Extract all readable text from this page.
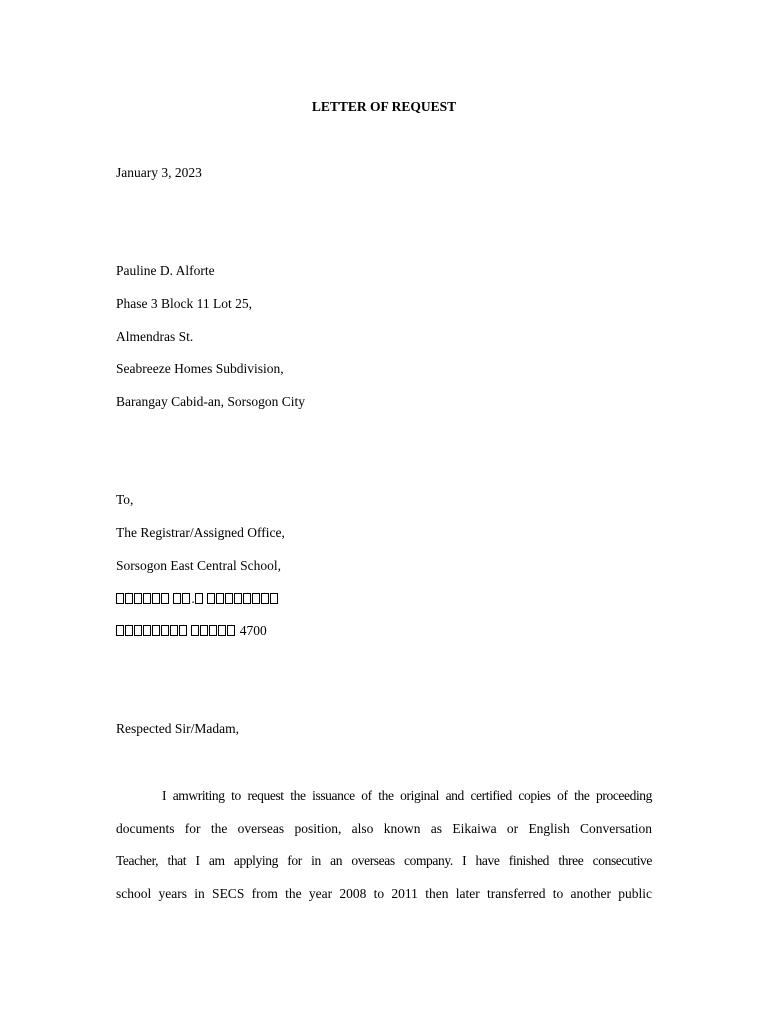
LETTER OF REQUEST
January 3, 2023
Pauline D. Alforte
Phase 3 Block 11 Lot 25,
Almendras St.
Seabreeze Homes Subdivision,
Barangay Cabid-an, Sorsogon City
To,
The Registrar/Assigned Office,
Sorsogon East Central School,
.
4700
Respected Sir/Madam,
I amwriting to request the issuance of the original and certified copies of the proceeding
documents for the overseas position, also known as Eikaiwa or English Conversation
Teacher, that I am applying for in an overseas company. I have finished three consecutive
school years in SECS from the year 2008 to 2011 then later transferred to another public
